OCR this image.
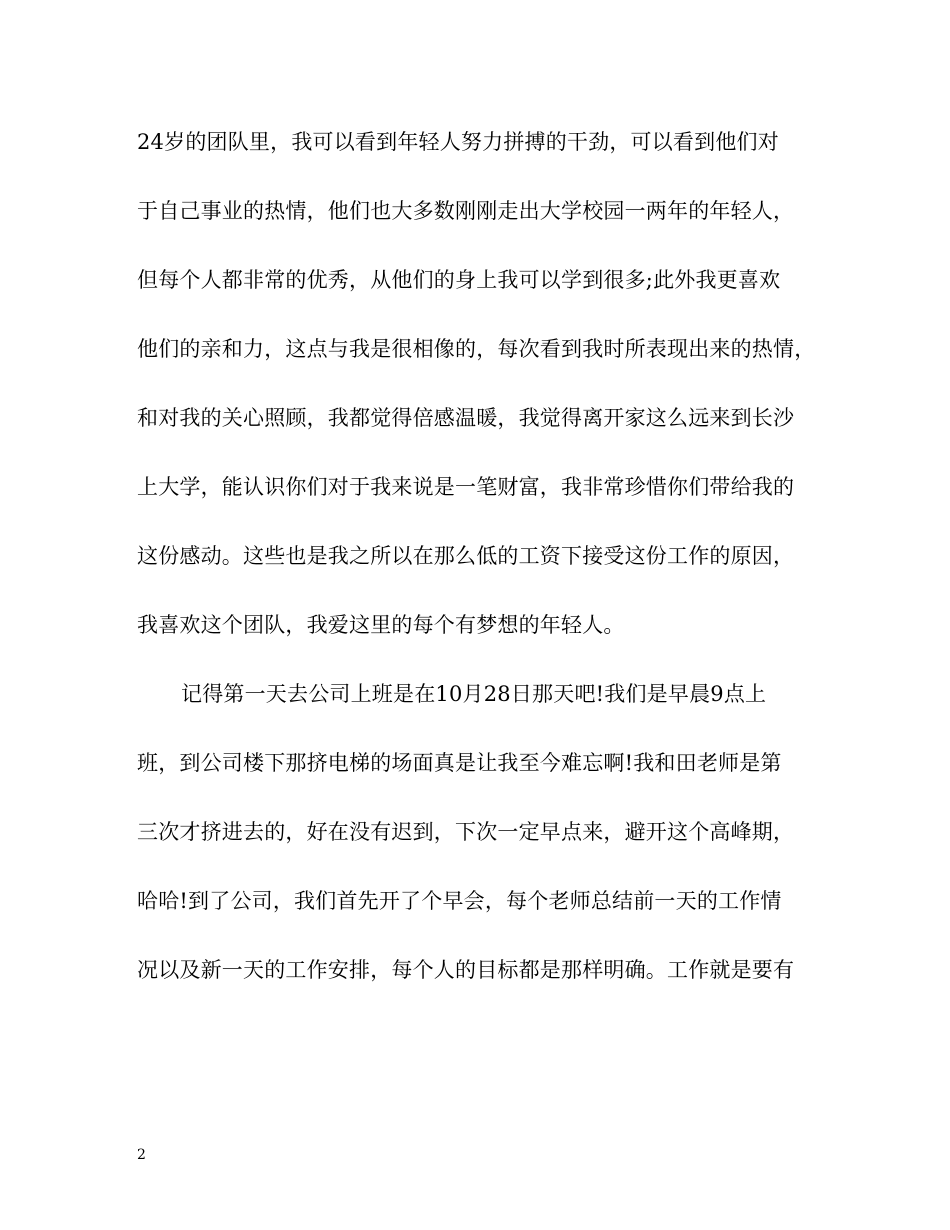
24岁的团队里，我可以看到年轻人努力拼搏的干劲，可以看到他们对
于自己事业的热情，他们也大多数刚刚走出大学校园一两年的年轻人，
但每个人都非常的优秀，从他们的身上我可以学到很多;此外我更喜欢
他们的亲和力，这点与我是很相像的，每次看到我时所表现出来的热情，
和对我的关心照顾，我都觉得倍感温暖，我觉得离开家这么远来到长沙
上大学，能认识你们对于我来说是一笔财富，我非常珍惜你们带给我的
这份感动。这些也是我之所以在那么低的工资下接受这份工作的原因，
我喜欢这个团队，我爱这里的每个有梦想的年轻人。
记得第一天去公司上班是在10月28日那天吧!我们是早晨9点上
班，到公司楼下那挤电梯的场面真是让我至今难忘啊!我和田老师是第
三次才挤进去的，好在没有迟到，下次一定早点来，避开这个高峰期，
哈哈!到了公司，我们首先开了个早会，每个老师总结前一天的工作情
况以及新一天的工作安排，每个人的目标都是那样明确。工作就是要有
2
